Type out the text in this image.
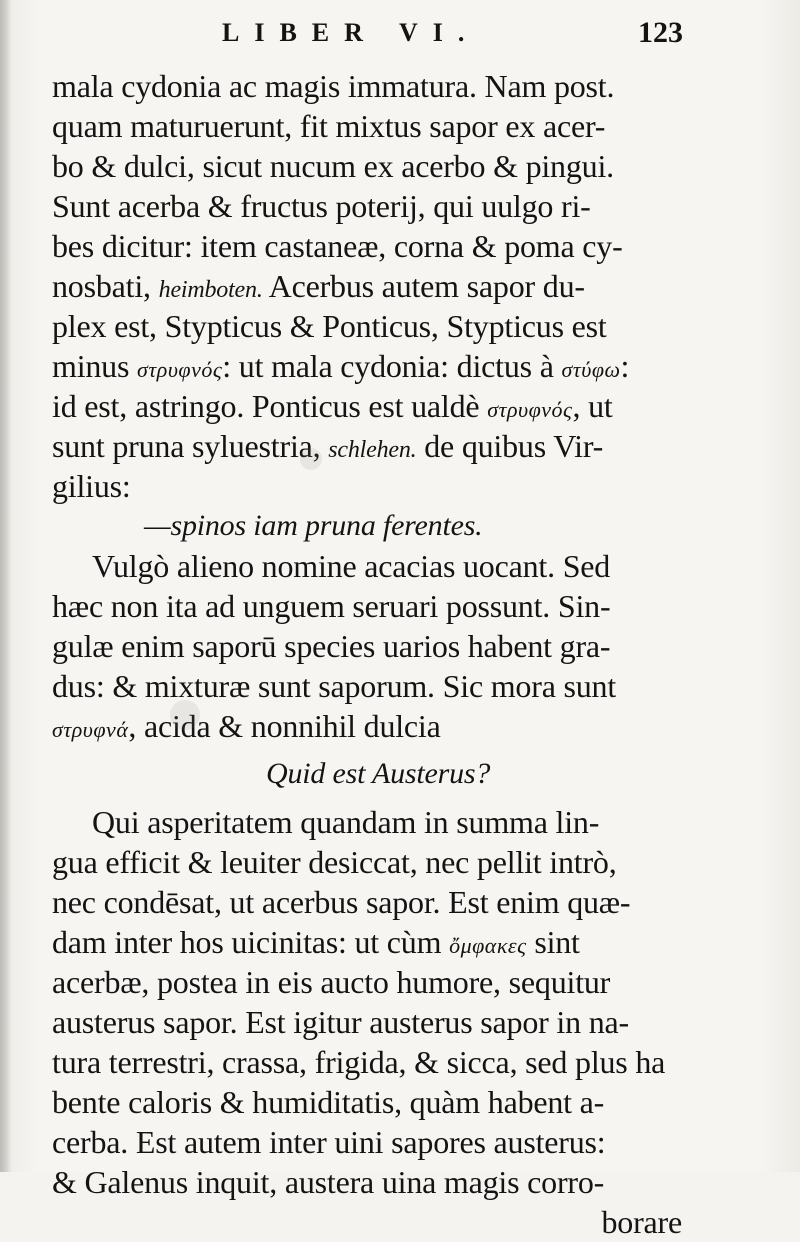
LIBER VI.	123
mala cydonia ac magis immatura. Nam post.
quam maturuerunt, fit mixtus sapor ex acer-
bo & dulci, sicut nucum ex acerbo & pingui.
Sunt acerba & fructus poterij, qui uulgo ri-
bes dicitur: item castaneæ, corna & poma cy-
nosbati, heimboten. Acerbus autem sapor du-
plex est, Stypticus & Ponticus, Stypticus est
minus στρυφνός: ut mala cydonia: dictus à στύφω:
id est, astringo. Ponticus est ualdè στρυφνός, ut
sunt pruna syluestria, schlehen. de quibus Vir-
gilius:
—spinos iam pruna ferentes.
Vulgò alieno nomine acacias uocant. Sed
hæc non ita ad unguem seruari possunt. Sin-
gulæ enim saporū species uarios habent gra-
dus: & mixturæ sunt saporum. Sic mora sunt
στρυφνά, acida & nonnihil dulcia
Quid est Austerus?
Qui asperitatem quandam in summa lin-
gua efficit & leuiter desiccat, nec pellit intrò,
nec condēsat, ut acerbus sapor. Est enim quæ-
dam inter hos uicinitas: ut cùm ὄμφακες sint
acerbæ, postea in eis aucto humore, sequitur
austerus sapor. Est igitur austerus sapor in na-
tura terrestri, crassa, frigida, & sicca, sed plus ha
bente caloris & humiditatis, quàm habent a-
cerba. Est autem inter uini sapores austerus:
& Galenus inquit, austera uina magis corro-
borare
